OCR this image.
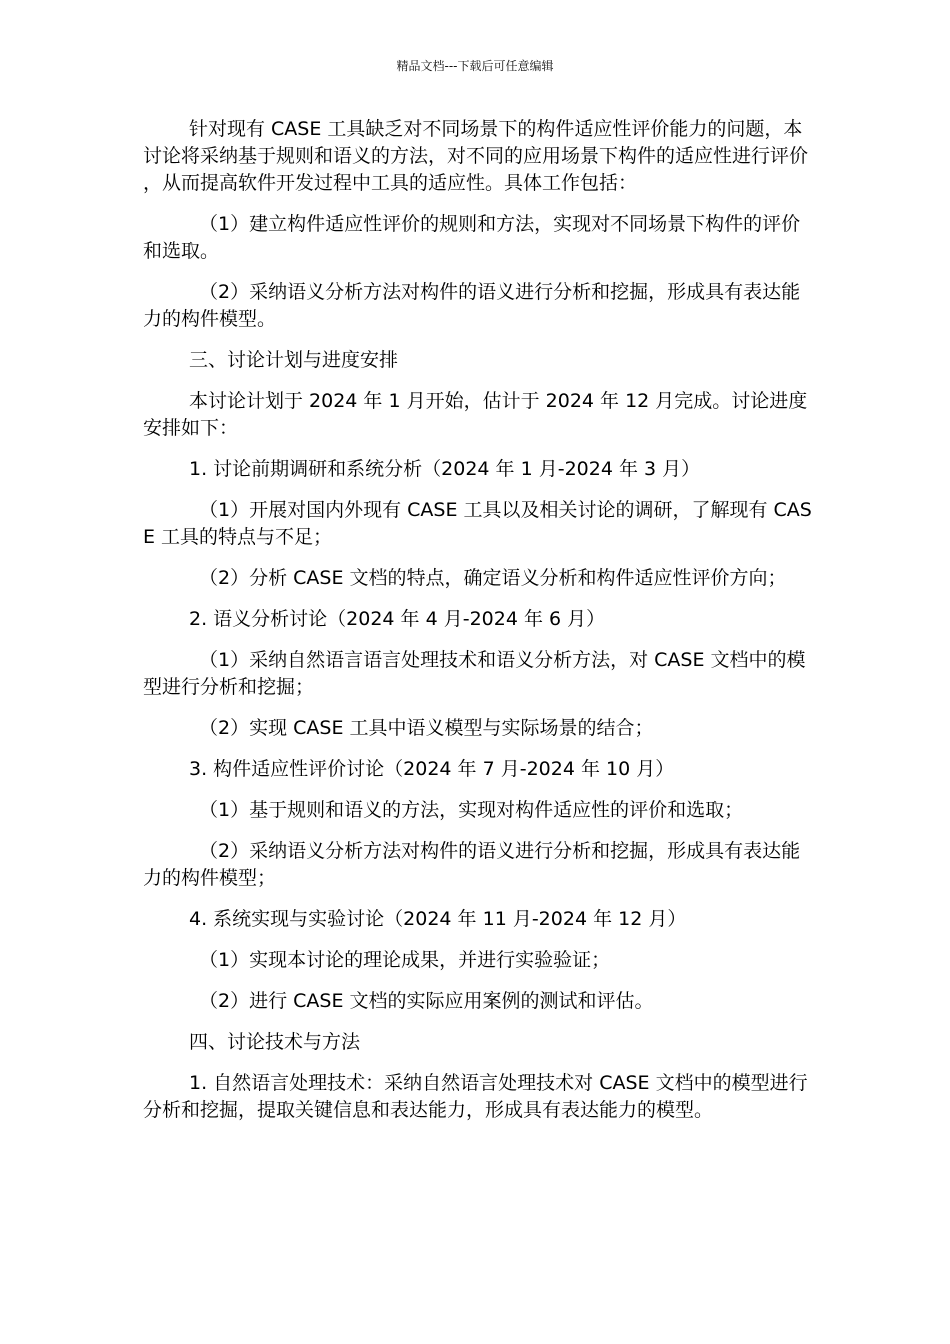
精品文档---下载后可任意编辑

针对现有 CASE 工具缺乏对不同场景下的构件适应性评价能力的问题，本讨论将采纳基于规则和语义的方法，对不同的应用场景下构件的适应性进行评价，从而提高软件开发过程中工具的适应性。具体工作包括：

（1）建立构件适应性评价的规则和方法，实现对不同场景下构件的评价和选取。

（2）采纳语义分析方法对构件的语义进行分析和挖掘，形成具有表达能力的构件模型。

三、讨论计划与进度安排

本讨论计划于 2024 年 1 月开始，估计于 2024 年 12 月完成。讨论进度安排如下：

1. 讨论前期调研和系统分析（2024 年 1 月-2024 年 3 月）

（1）开展对国内外现有 CASE 工具以及相关讨论的调研，了解现有 CASE 工具的特点与不足；

（2）分析 CASE 文档的特点，确定语义分析和构件适应性评价方向；

2. 语义分析讨论（2024 年 4 月-2024 年 6 月）

（1）采纳自然语言语言处理技术和语义分析方法，对 CASE 文档中的模型进行分析和挖掘；

（2）实现 CASE 工具中语义模型与实际场景的结合；

3. 构件适应性评价讨论（2024 年 7 月-2024 年 10 月）

（1）基于规则和语义的方法，实现对构件适应性的评价和选取；

（2）采纳语义分析方法对构件的语义进行分析和挖掘，形成具有表达能力的构件模型；

4. 系统实现与实验讨论（2024 年 11 月-2024 年 12 月）

（1）实现本讨论的理论成果，并进行实验验证；

（2）进行 CASE 文档的实际应用案例的测试和评估。

四、讨论技术与方法

1. 自然语言处理技术：采纳自然语言处理技术对 CASE 文档中的模型进行分析和挖掘，提取关键信息和表达能力，形成具有表达能力的模型。
